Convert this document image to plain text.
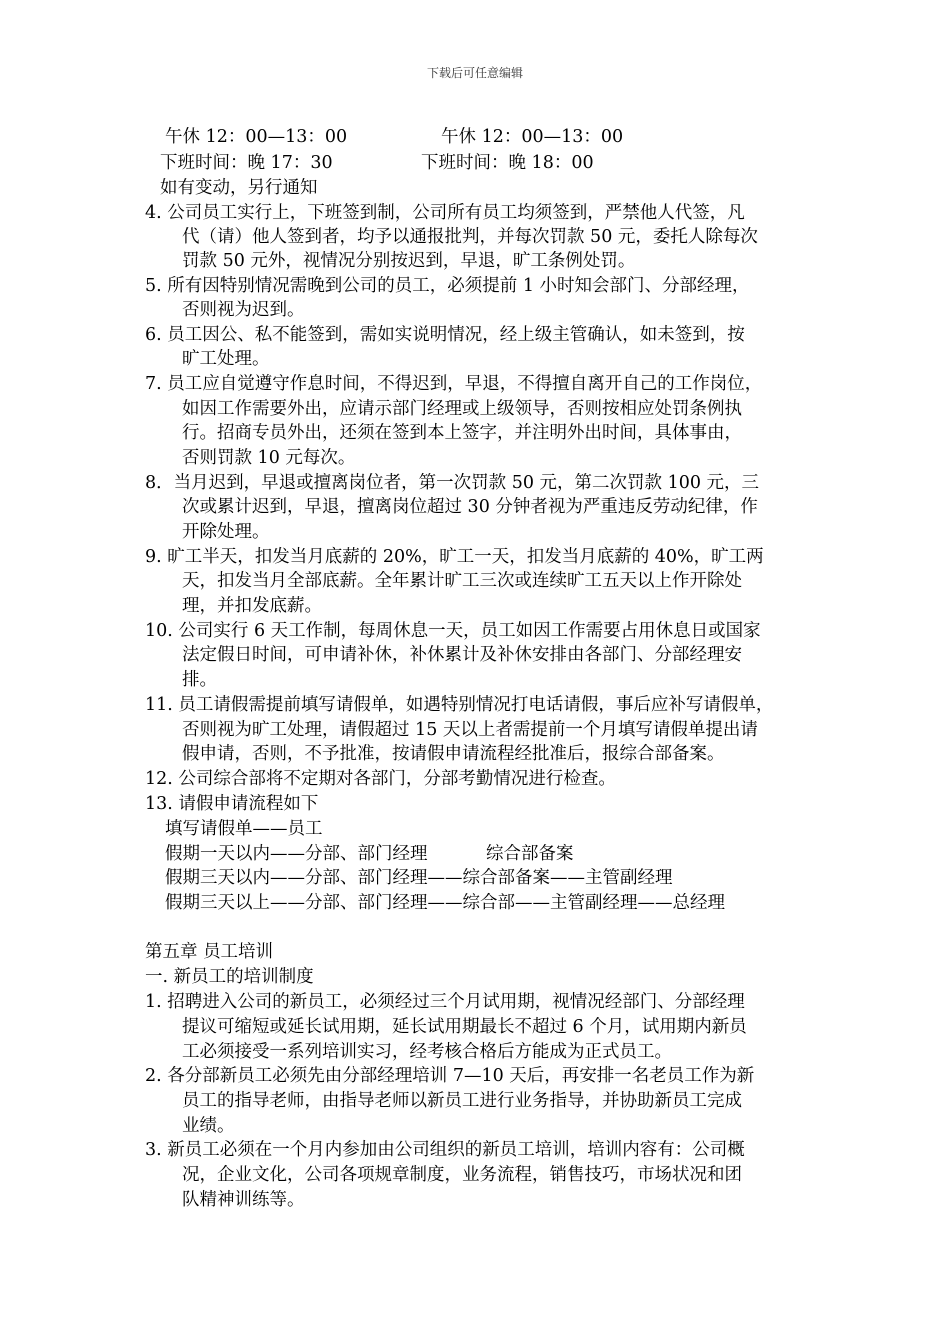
下载后可任意编辑
午休 12：00—13：00	午休 12：00—13：00
下班时间：晚 17：30	下班时间：晚 18：00
如有变动，另行通知
4. 公司员工实行上，下班签到制，公司所有员工均须签到，严禁他人代签，凡
代（请）他人签到者，均予以通报批判，并每次罚款 50 元，委托人除每次
罚款 50 元外，视情况分别按迟到，早退，旷工条例处罚。
5. 所有因特别情况需晚到公司的员工，必须提前 1 小时知会部门、分部经理，
否则视为迟到。
6. 员工因公、私不能签到，需如实说明情况，经上级主管确认，如未签到，按
旷工处理。
7. 员工应自觉遵守作息时间，不得迟到，早退，不得擅自离开自己的工作岗位，
如因工作需要外出，应请示部门经理或上级领导，否则按相应处罚条例执
行。招商专员外出，还须在签到本上签字，并注明外出时间，具体事由，
否则罚款 10 元每次。
8．当月迟到，早退或擅离岗位者，第一次罚款 50 元，第二次罚款 100 元，三
次或累计迟到，早退，擅离岗位超过 30 分钟者视为严重违反劳动纪律，作
开除处理。
9. 旷工半天，扣发当月底薪的 20%，旷工一天，扣发当月底薪的 40%，旷工两
天，扣发当月全部底薪。全年累计旷工三次或连续旷工五天以上作开除处
理，并扣发底薪。
10. 公司实行 6 天工作制，每周休息一天，员工如因工作需要占用休息日或国家
法定假日时间，可申请补休，补休累计及补休安排由各部门、分部经理安
排。
11. 员工请假需提前填写请假单，如遇特别情况打电话请假，事后应补写请假单，
否则视为旷工处理，请假超过 15 天以上者需提前一个月填写请假单提出请
假申请，否则，不予批准，按请假申请流程经批准后，报综合部备案。
12. 公司综合部将不定期对各部门，分部考勤情况进行检查。
13. 请假申请流程如下
填写请假单——员工
假期一天以内——分部、部门经理	综合部备案
假期三天以内——分部、部门经理——综合部备案——主管副经理
假期三天以上——分部、部门经理——综合部——主管副经理——总经理
第五章 员工培训
一. 新员工的培训制度
1. 招聘进入公司的新员工，必须经过三个月试用期，视情况经部门、分部经理
提议可缩短或延长试用期，延长试用期最长不超过 6 个月，试用期内新员
工必须接受一系列培训实习，经考核合格后方能成为正式员工。
2. 各分部新员工必须先由分部经理培训 7—10 天后，再安排一名老员工作为新
员工的指导老师，由指导老师以新员工进行业务指导，并协助新员工完成
业绩。
3. 新员工必须在一个月内参加由公司组织的新员工培训，培训内容有：公司概
况，企业文化，公司各项规章制度，业务流程，销售技巧，市场状况和团
队精神训练等。
